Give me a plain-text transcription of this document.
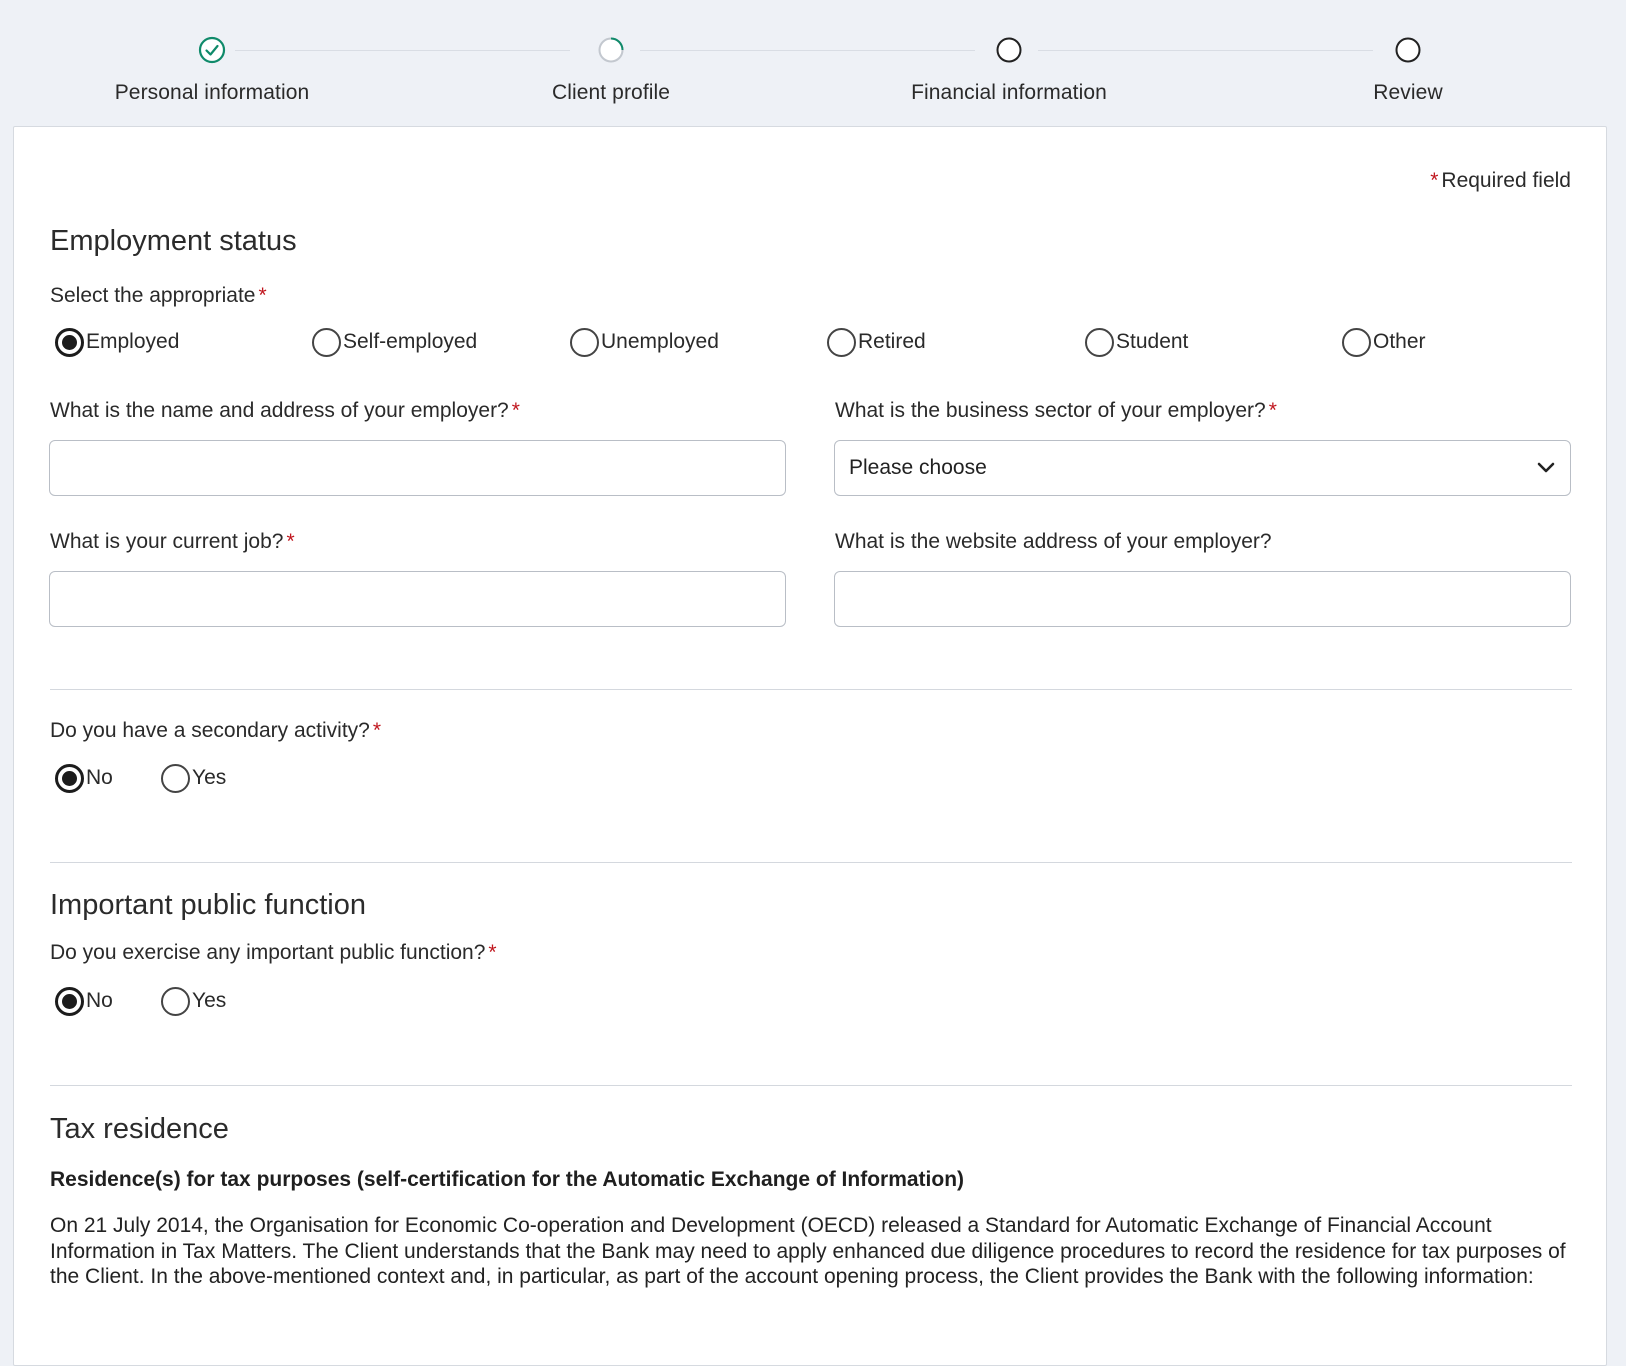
Personal information	Client profile	Financial information	Review
* Required field
Employment status
Select the appropriate *
Employed	Self-employed	Unemployed	Retired	Student	Other
What is the name and address of your employer? *	What is the business sector of your employer? *
Please choose
What is your current job? *	What is the website address of your employer?
Do you have a secondary activity? *
No	Yes
Important public function
Do you exercise any important public function? *
No	Yes
Tax residence
Residence(s) for tax purposes (self-certification for the Automatic Exchange of Information)
On 21 July 2014, the Organisation for Economic Co-operation and Development (OECD) released a Standard for Automatic Exchange of Financial Account Information in Tax Matters. The Client understands that the Bank may need to apply enhanced due diligence procedures to record the residence for tax purposes of the Client. In the above-mentioned context and, in particular, as part of the account opening process, the Client provides the Bank with the following information:
